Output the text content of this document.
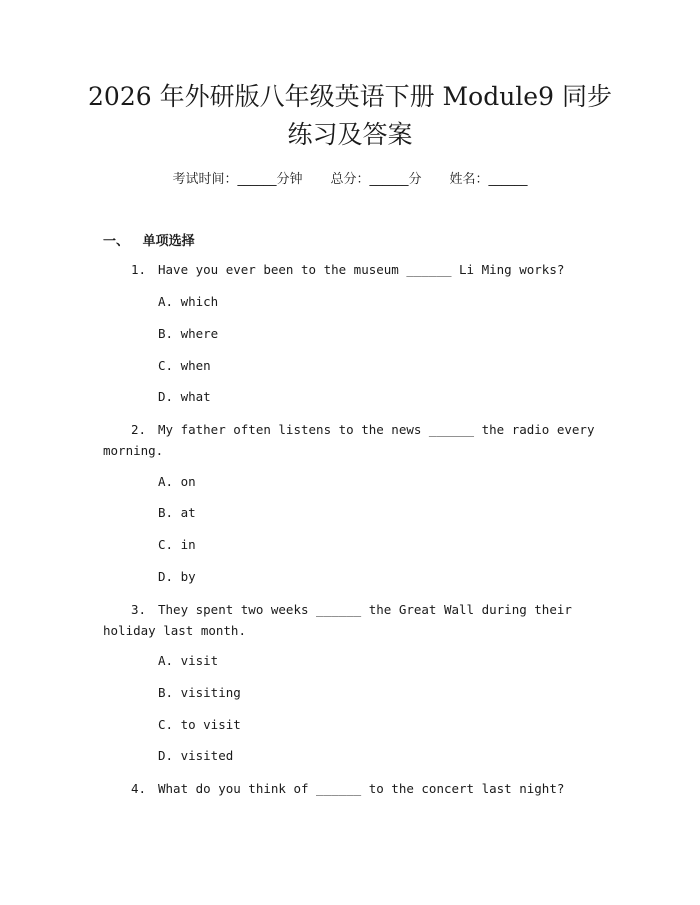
2026 年外研版八年级英语下册 Module9 同步
练习及答案
考试时间：______分钟 总分：______分 姓名：______
一、 单项选择

1. Have you ever been to the museum ______ Li Ming works?

A. which
B. where
C. when
D. what

2. My father often listens to the news ______ the radio every morning.

A. on
B. at
C. in
D. by

3. They spent two weeks ______ the Great Wall during their holiday last month.

A. visit
B. visiting
C. to visit
D. visited

4. What do you think of ______ to the concert last night?
